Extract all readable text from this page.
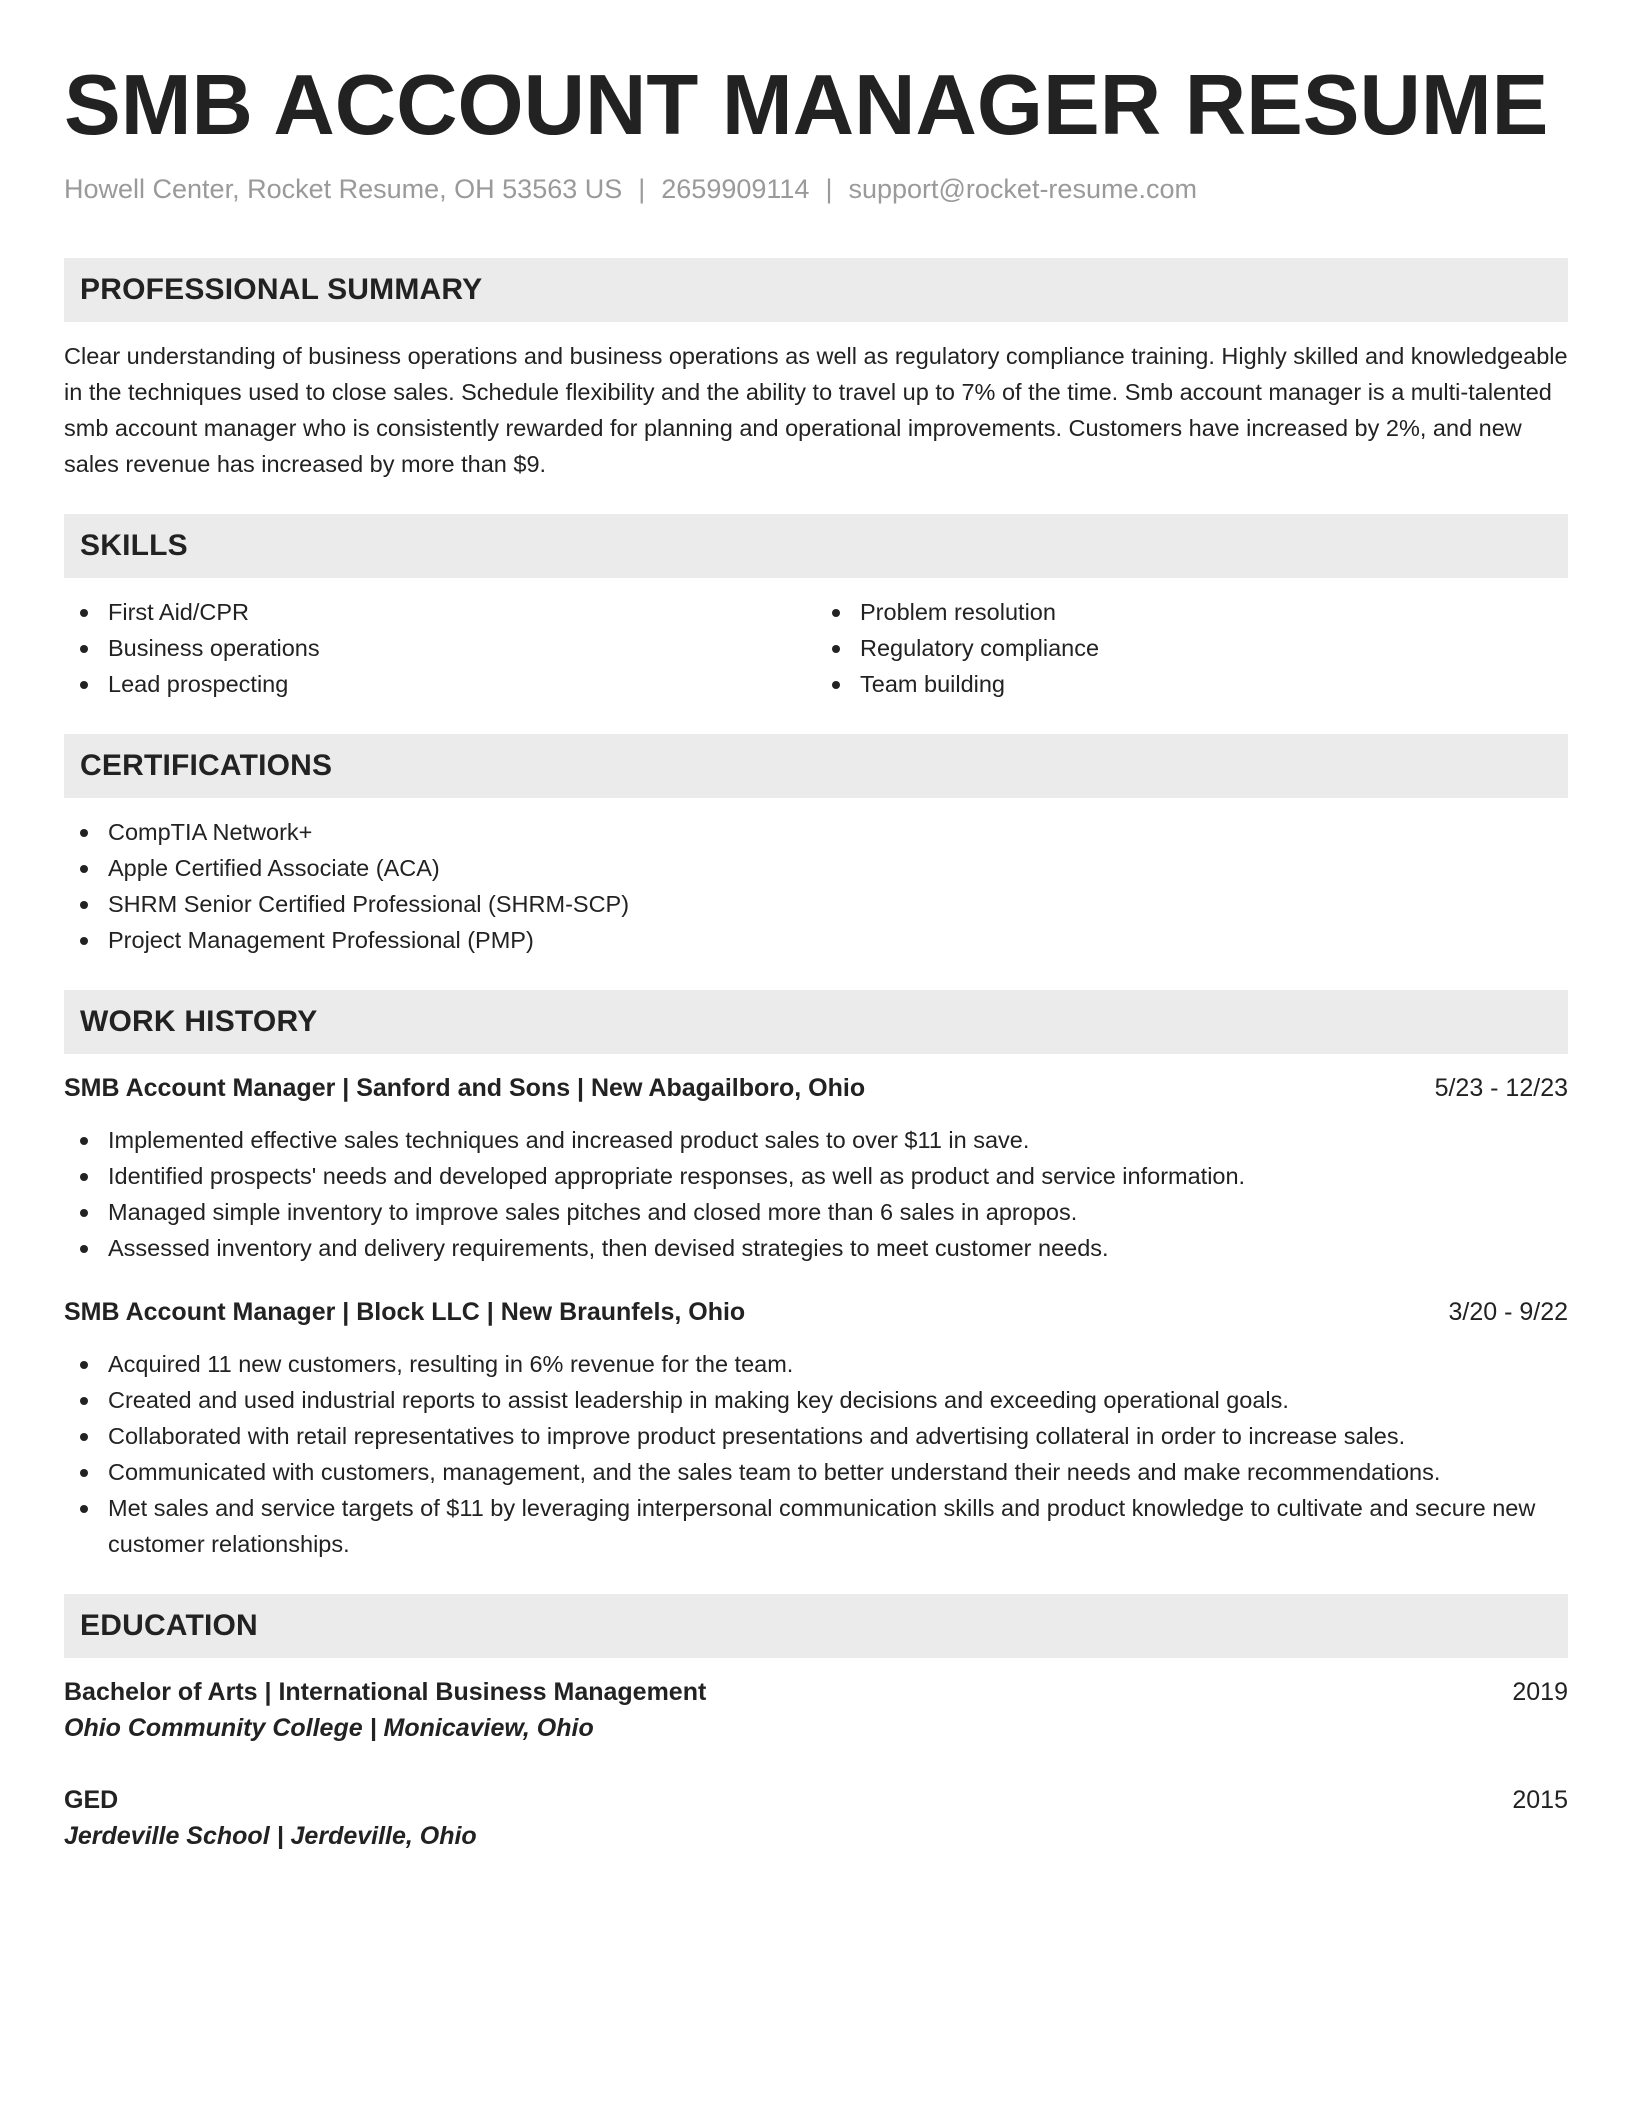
SMB ACCOUNT MANAGER RESUME
Howell Center, Rocket Resume, OH 53563 US | 2659909114 | support@rocket-resume.com
PROFESSIONAL SUMMARY

Clear understanding of business operations and business operations as well as regulatory compliance training. Highly skilled and knowledgeable in the techniques used to close sales. Schedule flexibility and the ability to travel up to 7% of the time. Smb account manager is a multi-talented smb account manager who is consistently rewarded for planning and operational improvements. Customers have increased by 2%, and new sales revenue has increased by more than $9.

SKILLS
First Aid/CPR
Business operations
Lead prospecting
Problem resolution
Regulatory compliance
Team building
CERTIFICATIONS
CompTIA Network+
Apple Certified Associate (ACA)
SHRM Senior Certified Professional (SHRM-SCP)
Project Management Professional (PMP)
WORK HISTORY
SMB Account Manager | Sanford and Sons | New Abagailboro, Ohio	5/23 - 12/23
Implemented effective sales techniques and increased product sales to over $11 in save.
Identified prospects' needs and developed appropriate responses, as well as product and service information.
Managed simple inventory to improve sales pitches and closed more than 6 sales in apropos.
Assessed inventory and delivery requirements, then devised strategies to meet customer needs.
SMB Account Manager | Block LLC | New Braunfels, Ohio	3/20 - 9/22
Acquired 11 new customers, resulting in 6% revenue for the team.
Created and used industrial reports to assist leadership in making key decisions and exceeding operational goals.
Collaborated with retail representatives to improve product presentations and advertising collateral in order to increase sales.
Communicated with customers, management, and the sales team to better understand their needs and make recommendations.
Met sales and service targets of $11 by leveraging interpersonal communication skills and product knowledge to cultivate and secure new customer relationships.
EDUCATION
Bachelor of Arts | International Business Management	2019
Ohio Community College | Monicaview, Ohio
GED	2015
Jerdeville School | Jerdeville, Ohio
